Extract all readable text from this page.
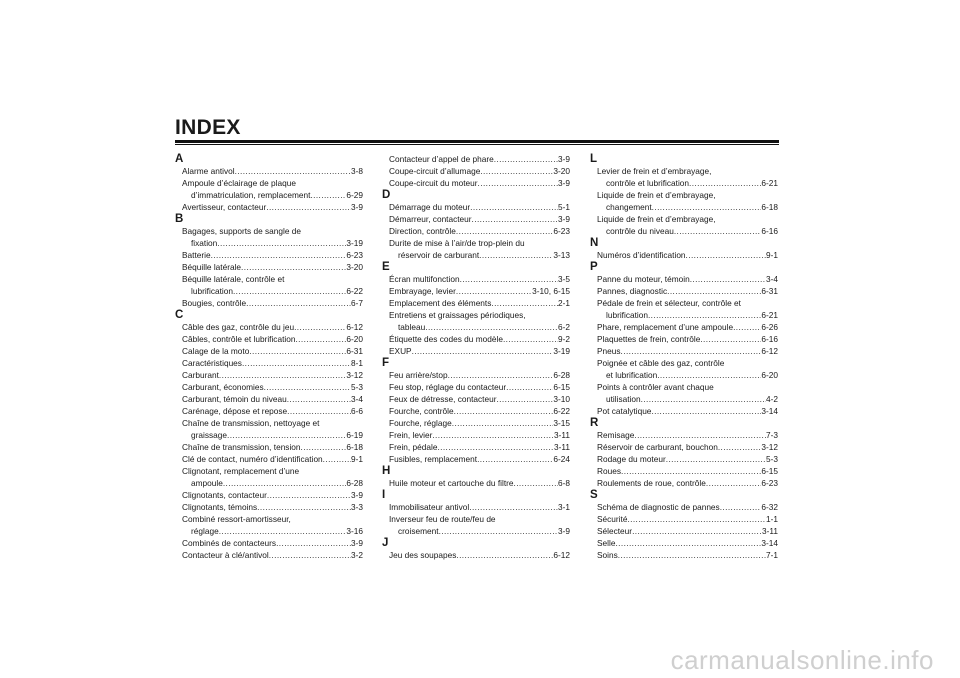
INDEX
A
Alarme antivol .....	3-8
Ampoule d’éclairage de plaque
d’immatriculation, remplacement .....	6-29
Avertisseur, contacteur .....	3-9
B
Bagages, supports de sangle de
fixation .....	3-19
Batterie .....	6-23
Béquille latérale .....	3-20
Béquille latérale, contrôle et
lubrification .....	6-22
Bougies, contrôle .....	6-7
C
Câble des gaz, contrôle du jeu .....	6-12
Câbles, contrôle et lubrification .....	6-20
Calage de la moto .....	6-31
Caractéristiques .....	8-1
Carburant .....	3-12
Carburant, économies .....	5-3
Carburant, témoin du niveau .....	3-4
Carénage, dépose et repose .....	6-6
Chaîne de transmission, nettoyage et
graissage .....	6-19
Chaîne de transmission, tension .....	6-18
Clé de contact, numéro d’identification .....	9-1
Clignotant, remplacement d’une
ampoule .....	6-28
Clignotants, contacteur .....	3-9
Clignotants, témoins .....	3-3
Combiné ressort-amortisseur,
réglage .....	3-16
Combinés de contacteurs .....	3-9
Contacteur à clé/antivol .....	3-2
Contacteur d’appel de phare .....	3-9
Coupe-circuit d’allumage .....	3-20
Coupe-circuit du moteur .....	3-9
D
Démarrage du moteur .....	5-1
Démarreur, contacteur .....	3-9
Direction, contrôle .....	6-23
Durite de mise à l’air/de trop-plein du
réservoir de carburant .....	3-13
E
Écran multifonction .....	3-5
Embrayage, levier .....	3-10, 6-15
Emplacement des éléments .....	2-1
Entretiens et graissages périodiques,
tableau .....	6-2
Étiquette des codes du modèle .....	9-2
EXUP .....	3-19
F
Feu arrière/stop .....	6-28
Feu stop, réglage du contacteur .....	6-15
Feux de détresse, contacteur .....	3-10
Fourche, contrôle .....	6-22
Fourche, réglage .....	3-15
Frein, levier .....	3-11
Frein, pédale .....	3-11
Fusibles, remplacement .....	6-24
H
Huile moteur et cartouche du filtre .....	6-8
I
Immobilisateur antivol .....	3-1
Inverseur feu de route/feu de
croisement .....	3-9
J
Jeu des soupapes .....	6-12
L
Levier de frein et d’embrayage,
contrôle et lubrification .....	6-21
Liquide de frein et d’embrayage,
changement .....	6-18
Liquide de frein et d’embrayage,
contrôle du niveau .....	6-16
N
Numéros d’identification .....	9-1
P
Panne du moteur, témoin .....	3-4
Pannes, diagnostic .....	6-31
Pédale de frein et sélecteur, contrôle et
lubrification .....	6-21
Phare, remplacement d’une ampoule .....	6-26
Plaquettes de frein, contrôle .....	6-16
Pneus .....	6-12
Poignée et câble des gaz, contrôle
et lubrification .....	6-20
Points à contrôler avant chaque
utilisation .....	4-2
Pot catalytique .....	3-14
R
Remisage .....	7-3
Réservoir de carburant, bouchon .....	3-12
Rodage du moteur .....	5-3
Roues .....	6-15
Roulements de roue, contrôle .....	6-23
S
Schéma de diagnostic de pannes .....	6-32
Sécurité .....	1-1
Sélecteur .....	3-11
Selle .....	3-14
Soins .....	7-1
carmanualsonline.info
